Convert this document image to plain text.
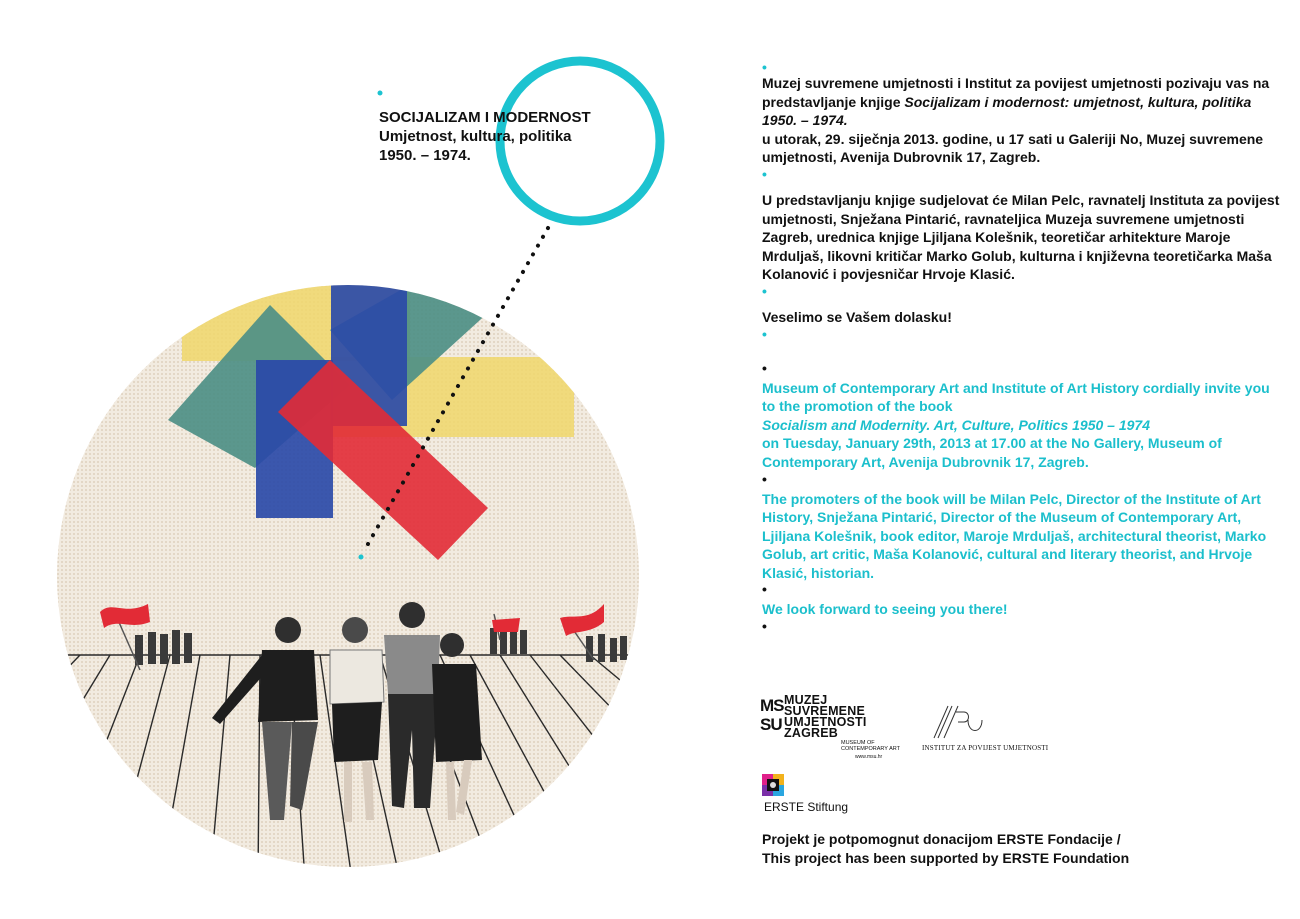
SOCIJALIZAM I MODERNOST
Umjetnost, kultura, politika
1950. – 1974.
•

Muzej suvremene umjetnosti i Institut za povijest umjetnosti pozivaju vas na predstavljanje knjige Socijalizam i modernost: umjetnost, kultura, politika 1950. – 1974.
u utorak, 29. siječnja 2013. godine, u 17 sati u Galeriji No, Muzej suvremene umjetnosti, Avenija Dubrovnik 17, Zagreb.

•

U predstavljanju knjige sudjelovat će Milan Pelc, ravnatelj Instituta za povijest umjetnosti, Snježana Pintarić, ravnateljica Muzeja suvremene umjetnosti Zagreb, urednica knjige Ljiljana Kolešnik, teoretičar arhitekture Maroje Mrduljaš, likovni kritičar Marko Golub, kulturna i književna teoretičarka Maša Kolanović i povjesničar Hrvoje Klasić.

•

Veselimo se Vašem dolasku!

•
•

Museum of Contemporary Art and Institute of Art History cordially invite you to the promotion of the book
Socialism and Modernity. Art, Culture, Politics 1950 – 1974
on Tuesday, January 29th, 2013 at 17.00 at the No Gallery, Museum of Contemporary Art, Avenija Dubrovnik 17, Zagreb.

•

The promoters of the book will be Milan Pelc, Director of the Institute of Art History, Snježana Pintarić, Director of the Museum of Contemporary Art, Ljiljana Kolešnik, book editor, Maroje Mrduljaš, architectural theorist, Marko Golub, art critic, Maša Kolanović, cultural and literary theorist, and Hrvoje Klasić, historian.

•

We look forward to seeing you there!

•
MS
SU
MUZEJ
SUVREMENE
UMJETNOSTI
ZAGREB
MUSEUM OF
CONTEMPORARY ART
www.msu.hr
INSTITUT ZA POVIJEST UMJETNOSTI
ERSTE Stiftung
Projekt je potpomognut donacijom ERSTE Fondacije /
This project has been supported by ERSTE Foundation
